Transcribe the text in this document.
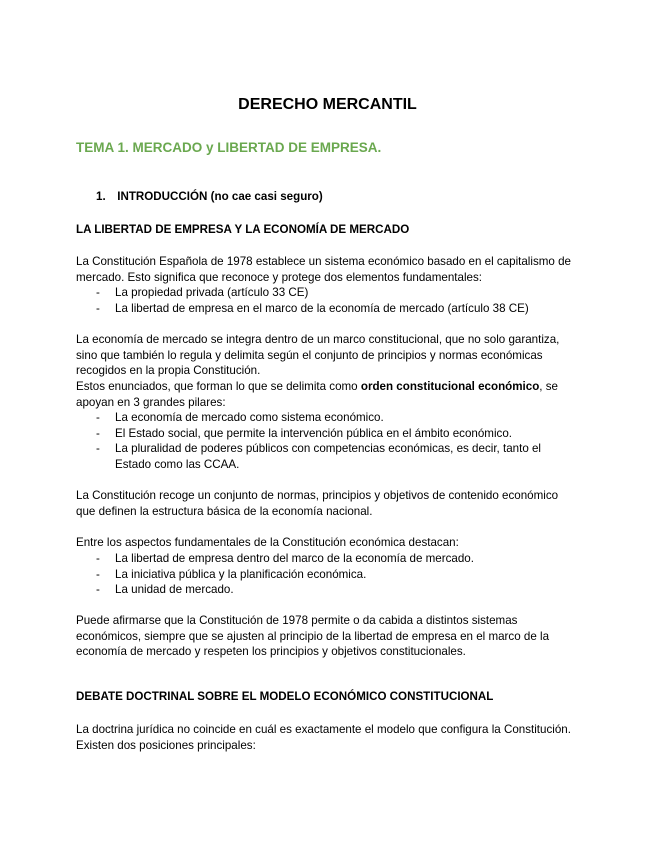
DERECHO MERCANTIL
TEMA 1. MERCADO y LIBERTAD DE EMPRESA.
1. INTRODUCCIÓN (no cae casi seguro)
LA LIBERTAD DE EMPRESA Y LA ECONOMÍA DE MERCADO

La Constitución Española de 1978 establece un sistema económico basado en el capitalismo de mercado. Esto significa que reconoce y protege dos elementos fundamentales:

- La propiedad privada (artículo 33 CE)
- La libertad de empresa en el marco de la economía de mercado (artículo 38 CE)

La economía de mercado se integra dentro de un marco constitucional, que no solo garantiza, sino que también lo regula y delimita según el conjunto de principios y normas económicas recogidos en la propia Constitución.

Estos enunciados, que forman lo que se delimita como orden constitucional económico, se apoyan en 3 grandes pilares:

- La economía de mercado como sistema económico.
- El Estado social, que permite la intervención pública en el ámbito económico.
- La pluralidad de poderes públicos con competencias económicas, es decir, tanto el Estado como las CCAA.

La Constitución recoge un conjunto de normas, principios y objetivos de contenido económico que definen la estructura básica de la economía nacional.

Entre los aspectos fundamentales de la Constitución económica destacan:

- La libertad de empresa dentro del marco de la economía de mercado.
- La iniciativa pública y la planificación económica.
- La unidad de mercado.

Puede afirmarse que la Constitución de 1978 permite o da cabida a distintos sistemas económicos, siempre que se ajusten al principio de la libertad de empresa en el marco de la economía de mercado y respeten los principios y objetivos constitucionales.

DEBATE DOCTRINAL SOBRE EL MODELO ECONÓMICO CONSTITUCIONAL

La doctrina jurídica no coincide en cuál es exactamente el modelo que configura la Constitución. Existen dos posiciones principales:
